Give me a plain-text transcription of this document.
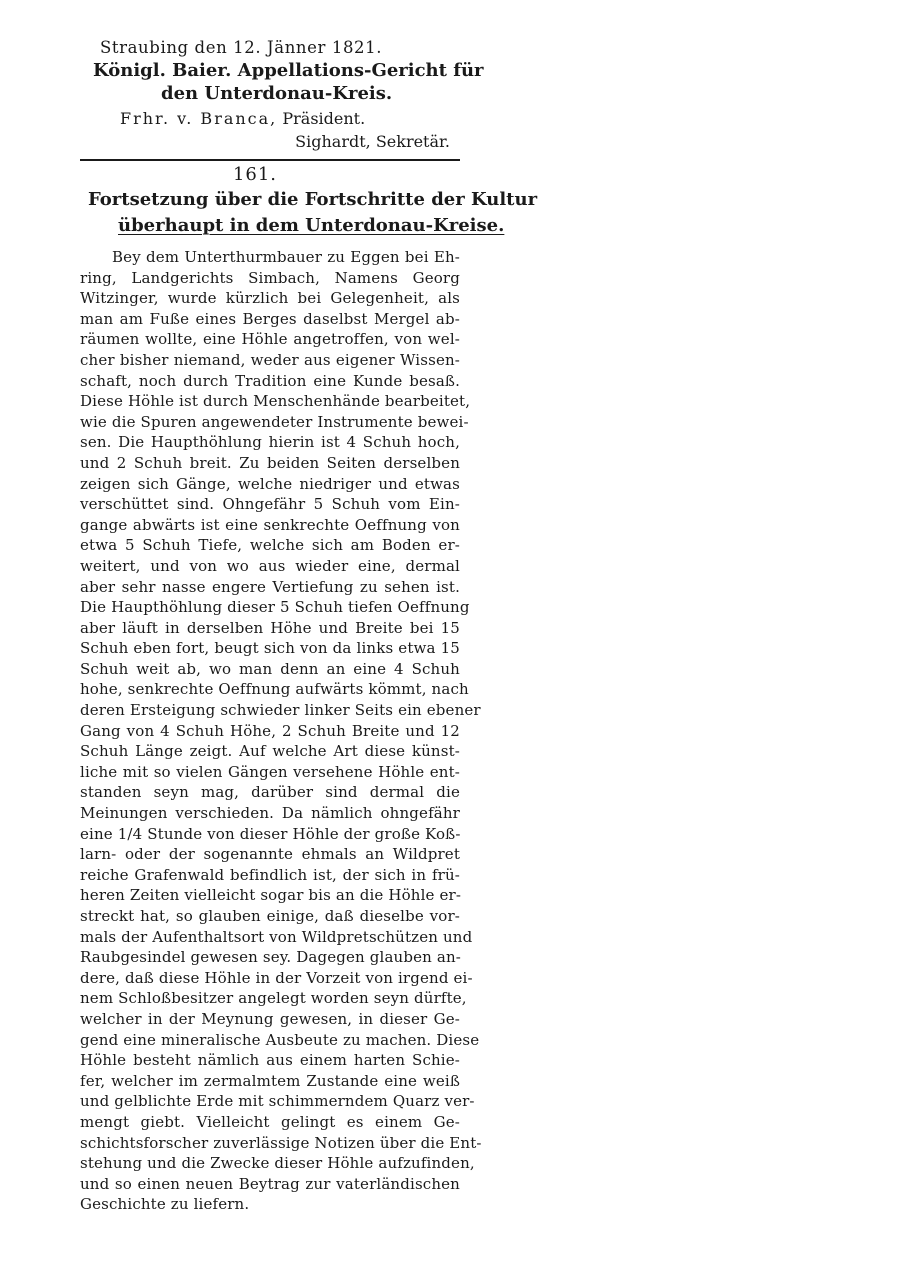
Straubing den 12. Jänner 1821.
Königl. Baier. Appellations-Gericht für
den Unterdonau-Kreis.
Frhr. v. Branca, Präsident.
Sighardt, Sekretär.
161.
Fortsetzung über die Fortschritte der Kultur
überhaupt in dem Unterdonau-Kreise.
Bey dem Unterthurmbauer zu Eggen bei Eh-
ring, Landgerichts Simbach, Namens Georg
Witzinger, wurde kürzlich bei Gelegenheit, als
man am Fuße eines Berges daselbst Mergel ab-
räumen wollte, eine Höhle angetroffen, von wel-
cher bisher niemand, weder aus eigener Wissen-
schaft, noch durch Tradition eine Kunde besaß.
Diese Höhle ist durch Menschenhände bearbeitet,
wie die Spuren angewendeter Instrumente bewei-
sen. Die Haupthöhlung hierin ist 4 Schuh hoch,
und 2 Schuh breit. Zu beiden Seiten derselben
zeigen sich Gänge, welche niedriger und etwas
verschüttet sind. Ohngefähr 5 Schuh vom Ein-
gange abwärts ist eine senkrechte Oeffnung von
etwa 5 Schuh Tiefe, welche sich am Boden er-
weitert, und von wo aus wieder eine, dermal
aber sehr nasse engere Vertiefung zu sehen ist.
Die Haupthöhlung dieser 5 Schuh tiefen Oeffnung
aber läuft in derselben Höhe und Breite bei 15
Schuh eben fort, beugt sich von da links etwa 15
Schuh weit ab, wo man denn an eine 4 Schuh
hohe, senkrechte Oeffnung aufwärts kömmt, nach
deren Ersteigung schwieder linker Seits ein ebener
Gang von 4 Schuh Höhe, 2 Schuh Breite und 12
Schuh Länge zeigt. Auf welche Art diese künst-
liche mit so vielen Gängen versehene Höhle ent-
standen seyn mag, darüber sind dermal die
Meinungen verschieden. Da nämlich ohngefähr
eine 1/4 Stunde von dieser Höhle der große Koß-
larn- oder der sogenannte ehmals an Wildpret
reiche Grafenwald befindlich ist, der sich in frü-
heren Zeiten vielleicht sogar bis an die Höhle er-
streckt hat, so glauben einige, daß dieselbe vor-
mals der Aufenthaltsort von Wildpretschützen und
Raubgesindel gewesen sey. Dagegen glauben an-
dere, daß diese Höhle in der Vorzeit von irgend ei-
nem Schloßbesitzer angelegt worden seyn dürfte,
welcher in der Meynung gewesen, in dieser Ge-
gend eine mineralische Ausbeute zu machen. Diese
Höhle besteht nämlich aus einem harten Schie-
fer, welcher im zermalmtem Zustande eine weiß
und gelblichte Erde mit schimmerndem Quarz ver-
mengt giebt. Vielleicht gelingt es einem Ge-
schichtsforscher zuverlässige Notizen über die Ent-
stehung und die Zwecke dieser Höhle aufzufinden,
und so einen neuen Beytrag zur vaterländischen
Geschichte zu liefern.
